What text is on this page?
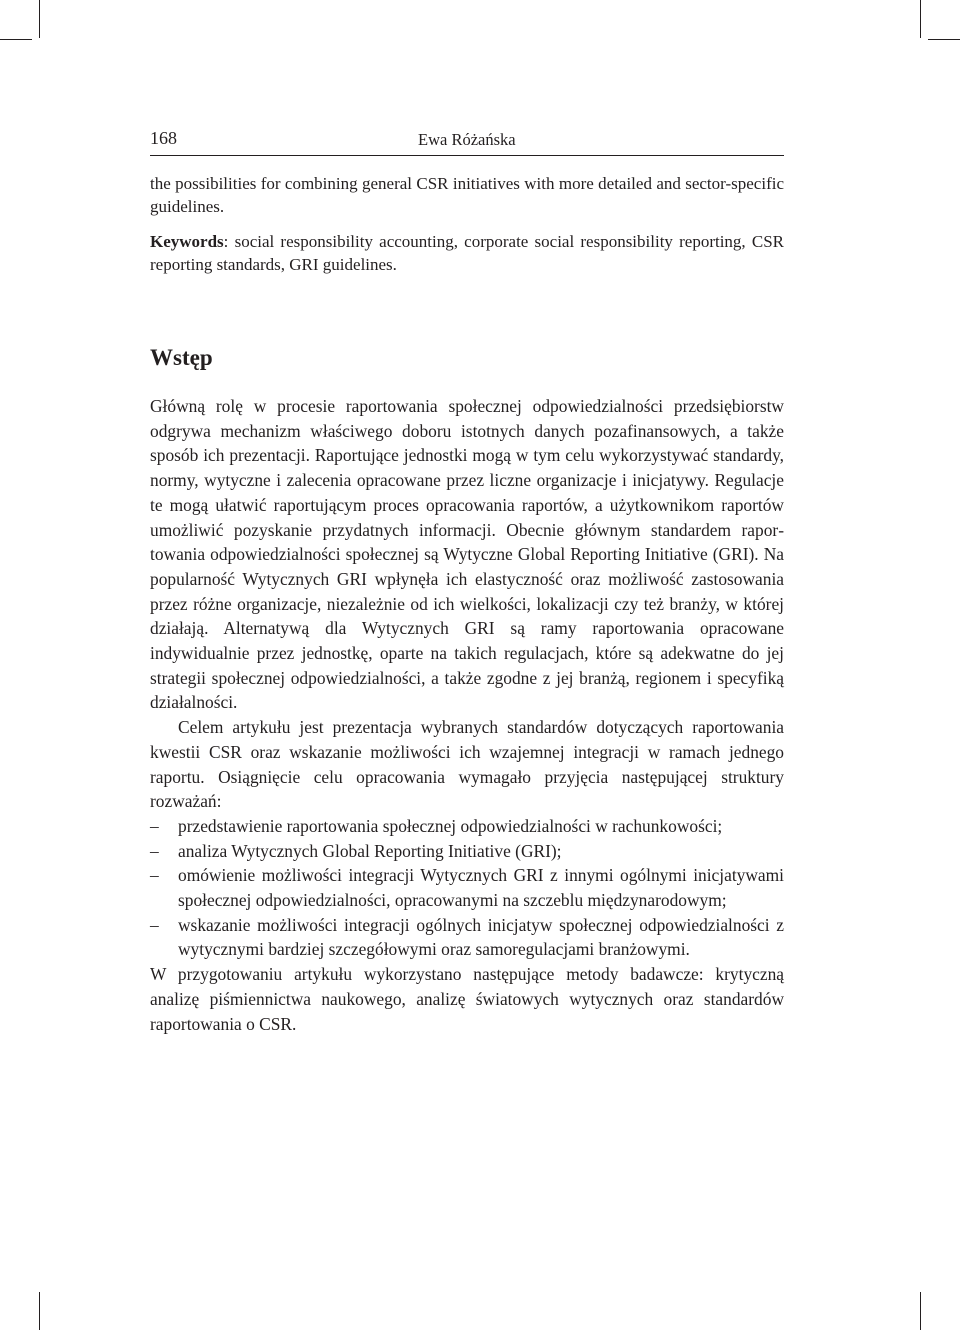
168	Ewa Różańska

the possibilities for combining general CSR initiatives with more detailed and sector-specific guidelines.

Keywords: social responsibility accounting, corporate social responsibility reporting, CSR reporting standards, GRI guidelines.

Wstęp

Główną rolę w procesie raportowania społecznej odpowiedzialności przedsiębiorstw odgrywa mechanizm właściwego doboru istotnych danych pozafinansowych, a także sposób ich prezentacji. Raportujące jednostki mogą w tym celu wykorzystywać standardy, normy, wytyczne i zalecenia opracowane przez liczne organizacje i inicjatywy. Regulacje te mogą ułatwić raportującym proces opracowania raportów, a użytkownikom raportów umożliwić pozyskanie przydatnych informacji. Obecnie głównym standardem raportowania odpowiedzialności społecznej są Wytyczne Global Reporting Initiative (GRI). Na popularność Wytycznych GRI wpłynęła ich elastyczność oraz możliwość zastosowania przez różne organizacje, niezależnie od ich wielkości, lokalizacji czy też branży, w której działają. Alternatywą dla Wytycznych GRI są ramy raportowania opracowane indywidualnie przez jednostkę, oparte na takich regulacjach, które są adekwatne do jej strategii społecznej odpowiedzialności, a także zgodne z jej branżą, regionem i specyfiką działalności.

Celem artykułu jest prezentacja wybranych standardów dotyczących raportowania kwestii CSR oraz wskazanie możliwości ich wzajemnej integracji w ramach jednego raportu. Osiągnięcie celu opracowania wymagało przyjęcia następującej struktury rozważań:

– przedstawienie raportowania społecznej odpowiedzialności w rachunkowości;
– analiza Wytycznych Global Reporting Initiative (GRI);
– omówienie możliwości integracji Wytycznych GRI z innymi ogólnymi inicjatywami społecznej odpowiedzialności, opracowanymi na szczeblu międzynarodowym;
– wskazanie możliwości integracji ogólnych inicjatyw społecznej odpowiedzialności z wytycznymi bardziej szczegółowymi oraz samoregulacjami branżowymi.

W przygotowaniu artykułu wykorzystano następujące metody badawcze: krytyczną analizę piśmiennictwa naukowego, analizę światowych wytycznych oraz standardów raportowania o CSR.
